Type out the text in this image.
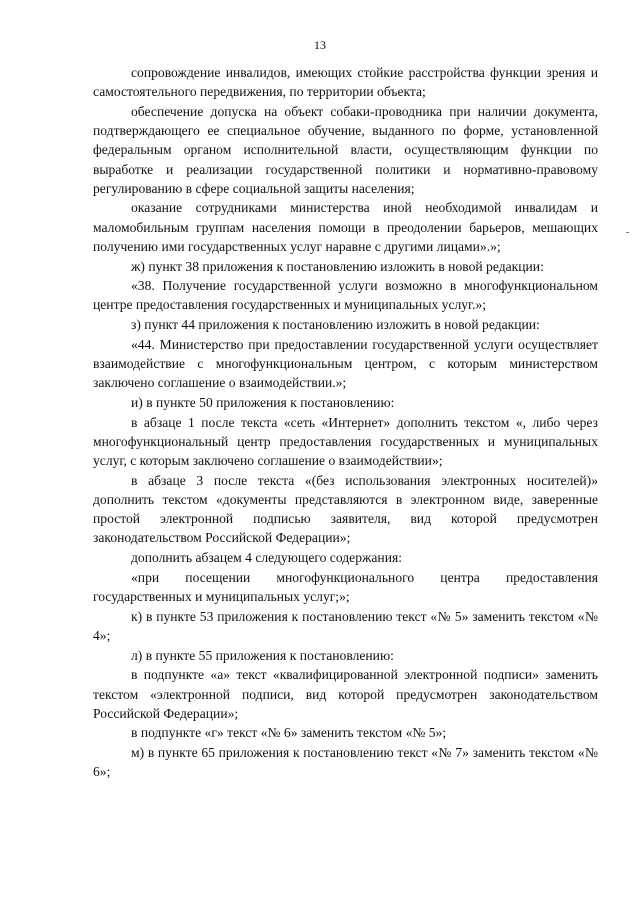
13

сопровождение инвалидов, имеющих стойкие расстройства функции зрения и самостоятельного передвижения, по территории объекта;

обеспечение допуска на объект собаки-проводника при наличии документа, подтверждающего ее специальное обучение, выданного по форме, установленной федеральным органом исполнительной власти, осуществляющим функции по выработке и реализации государственной политики и нормативно-правовому регулированию в сфере социальной защиты населения;

оказание сотрудниками министерства иной необходимой инвалидам и маломобильным группам населения помощи в преодолении барьеров, мешающих получению ими государственных услуг наравне с другими лицами».»;

ж) пункт 38 приложения к постановлению изложить в новой редакции:

«38. Получение государственной услуги возможно в многофункциональном центре предоставления государственных и муниципальных услуг.»;

з) пункт 44 приложения к постановлению изложить в новой редакции:

«44. Министерство при предоставлении государственной услуги осуществляет взаимодействие с многофункциональным центром, с которым министерством заключено соглашение о взаимодействии.»;

и) в пункте 50 приложения к постановлению:

в абзаце 1 после текста «сеть «Интернет» дополнить текстом «, либо через многофункциональный центр предоставления государственных и муниципальных услуг, с которым заключено соглашение о взаимодействии»;

в абзаце 3 после текста «(без использования электронных носителей)» дополнить текстом «документы представляются в электронном виде, заверенные простой электронной подписью заявителя, вид которой предусмотрен законодательством Российской Федерации»;

дополнить абзацем 4 следующего содержания:

«при посещении многофункционального центра предоставления государственных и муниципальных услуг;»;

к) в пункте 53 приложения к постановлению текст «№ 5» заменить текстом «№ 4»;

л) в пункте 55 приложения к постановлению:

в подпункте «а» текст «квалифицированной электронной подписи» заменить текстом «электронной подписи, вид которой предусмотрен законодательством Российской Федерации»;

в подпункте «г» текст «№ 6» заменить текстом «№ 5»;

м) в пункте 65 приложения к постановлению текст «№ 7» заменить текстом «№ 6»;
